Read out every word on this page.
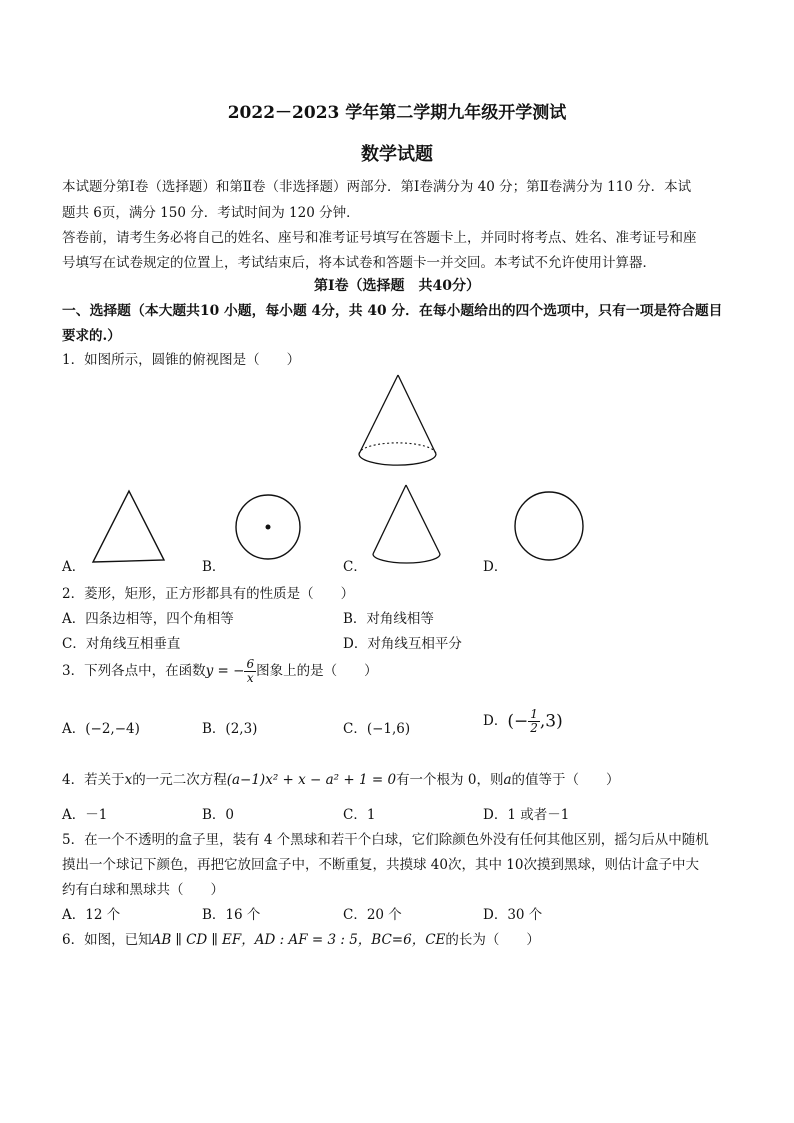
2022－2023 学年第二学期九年级开学测试
数学试题
本试题分第Ⅰ卷（选择题）和第Ⅱ卷（非选择题）两部分．第Ⅰ卷满分为 40 分；第Ⅱ卷满分为 110 分．本试
题共 6页，满分 150 分．考试时间为 120 分钟．
答卷前，请考生务必将自己的姓名、座号和准考证号填写在答题卡上，并同时将考点、姓名、准考证号和座
号填写在试卷规定的位置上，考试结束后，将本试卷和答题卡一并交回。本考试不允许使用计算器．
第Ⅰ卷（选择题　共40分）
一、选择题（本大题共10 小题，每小题 4分，共 40 分．在每小题给出的四个选项中，只有一项是符合题目
要求的.）
1．如图所示，圆锥的俯视图是（　　）
A．	B．	C．	D．
2．菱形，矩形，正方形都具有的性质是（　　）
A．四条边相等，四个角相等	B．对角线相等
C．对角线互相垂直	D．对角线互相平分
3．下列各点中，在函数y = − $\frac{6}{x}$ 图象上的是（　　）
A．(−2,−4)	B．(2,3)	C．(−1,6)	D．(− $\frac{1}{2} ,3$)
4．若关于x的一元二次方程(a−1)x² + x − a² + 1 = 0有一个根为 0，则a的值等于（　　）
A．－1	B．0	C．1	D．1 或者－1
5．在一个不透明的盒子里，装有 4 个黑球和若干个白球，它们除颜色外没有任何其他区别，摇匀后从中随机
摸出一个球记下颜色，再把它放回盒子中，不断重复，共摸球 40次，其中 10次摸到黑球，则估计盒子中大
约有白球和黑球共（　　）
A．12 个	B．16 个	C．20 个	D．30 个
6．如图，已知AB ∥ CD ∥ EF，AD : AF = 3 : 5，BC=6，CE的长为（　　）
